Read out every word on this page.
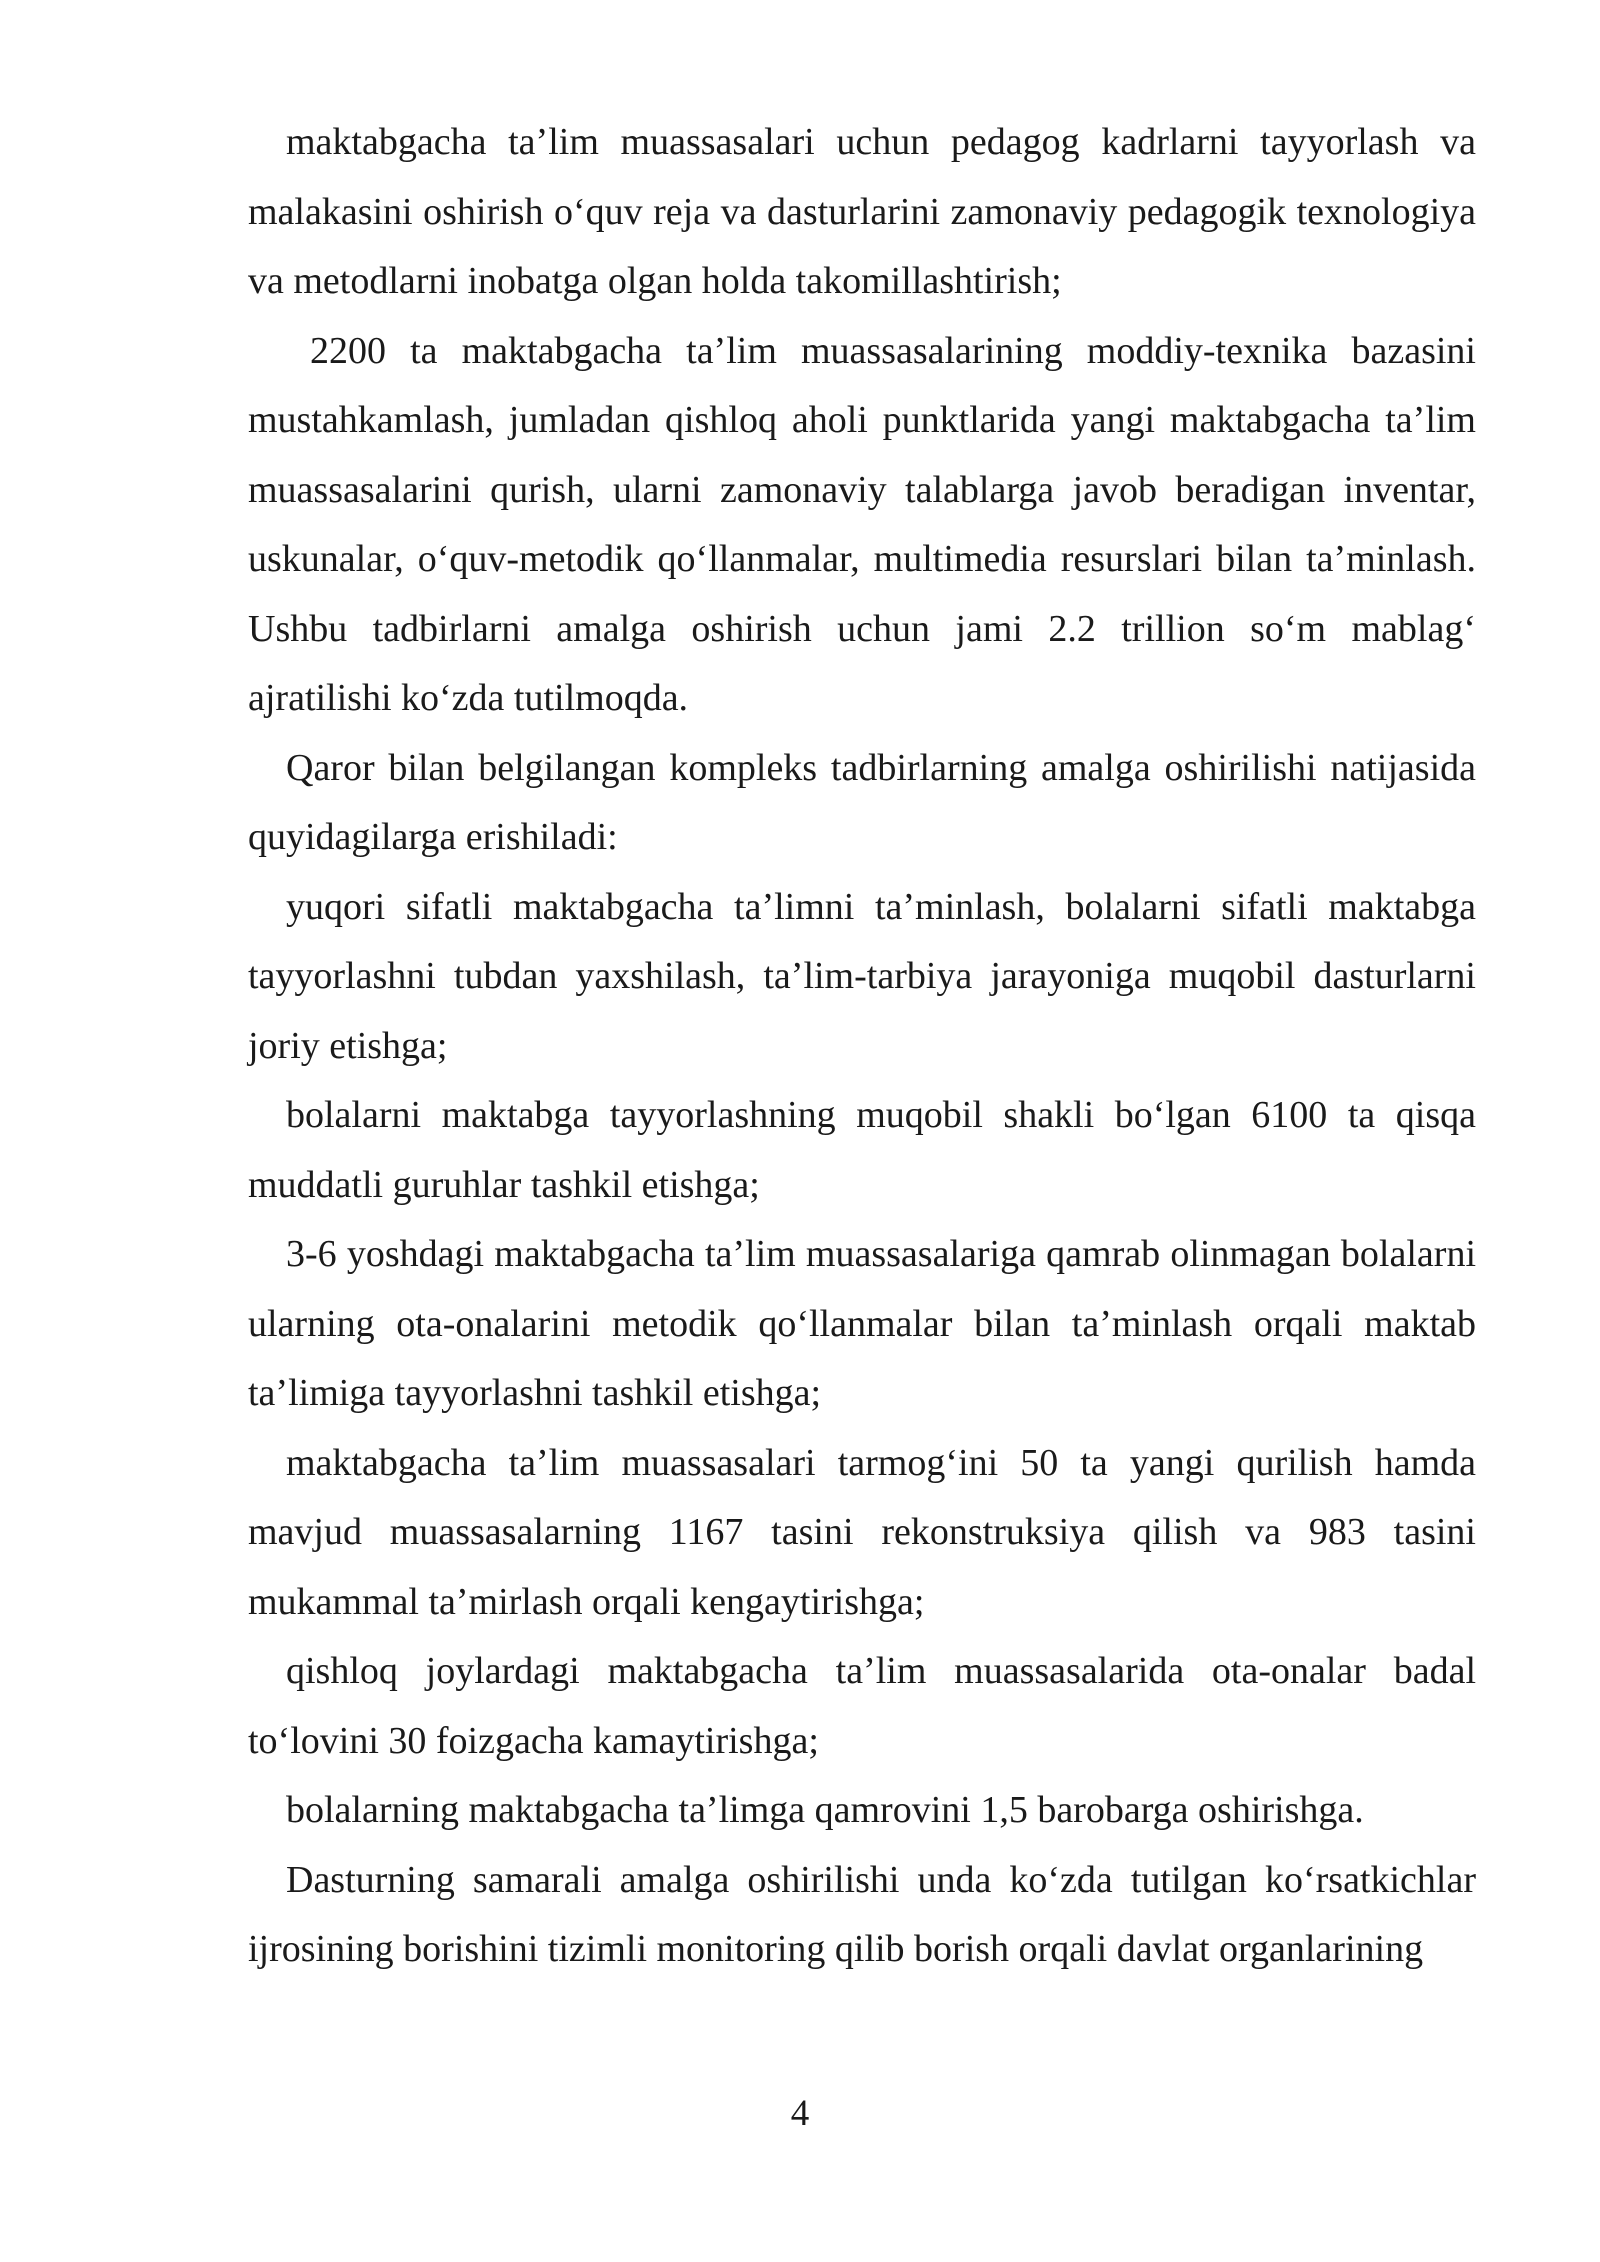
maktabgacha ta’lim muassasalari uchun pedagog kadrlarni tayyorlash va malakasini oshirish o‘quv reja va dasturlarini zamonaviy pedagogik texnologiya va metodlarni inobatga olgan holda takomillashtirish;

2200 ta maktabgacha ta’lim muassasalarining moddiy-texnika bazasini mustahkamlash, jumladan qishloq aholi punktlarida yangi maktabgacha ta’lim muassasalarini qurish, ularni zamonaviy talablarga javob beradigan inventar, uskunalar, o‘quv-metodik qo‘llanmalar, multimedia resurslari bilan ta’minlash. Ushbu tadbirlarni amalga oshirish uchun jami 2.2 trillion so‘m mablag‘ ajratilishi ko‘zda tutilmoqda.

Qaror bilan belgilangan kompleks tadbirlarning amalga oshirilishi natijasida quyidagilarga erishiladi:

yuqori sifatli maktabgacha ta’limni ta’minlash, bolalarni sifatli maktabga tayyorlashni tubdan yaxshilash, ta’lim-tarbiya jarayoniga muqobil dasturlarni joriy etishga;

bolalarni maktabga tayyorlashning muqobil shakli bo‘lgan 6100 ta qisqa muddatli guruhlar tashkil etishga;

3-6 yoshdagi maktabgacha ta’lim muassasalariga qamrab olinmagan bolalarni ularning ota-onalarini metodik qo‘llanmalar bilan ta’minlash orqali maktab ta’limiga tayyorlashni tashkil etishga;

maktabgacha ta’lim muassasalari tarmog‘ini 50 ta yangi qurilish hamda mavjud muassasalarning 1167 tasini rekonstruksiya qilish va 983 tasini mukammal ta’mirlash orqali kengaytirishga;

qishloq joylardagi maktabgacha ta’lim muassasalarida ota-onalar badal to‘lovini 30 foizgacha kamaytirishga;

bolalarning maktabgacha ta’limga qamrovini 1,5 barobarga oshirishga.

Dasturning samarali amalga oshirilishi unda ko‘zda tutilgan ko‘rsatkichlar ijrosining borishini tizimli monitoring qilib borish orqali davlat organlarining

4
